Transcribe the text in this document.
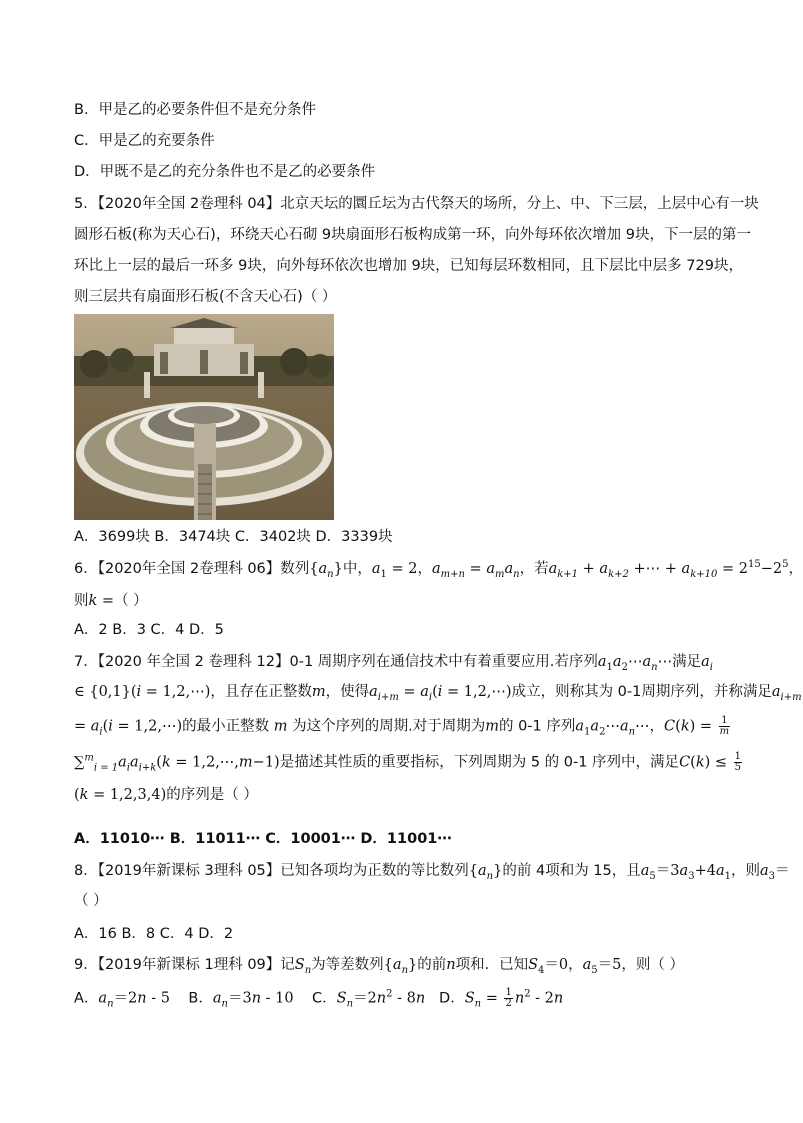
B．甲是乙的必要条件但不是充分条件
C．甲是乙的充要条件
D．甲既不是乙的充分条件也不是乙的必要条件
5．【2020年全国 2卷理科 04】北京天坛的圜丘坛为古代祭天的场所，分上、中、下三层，上层中心有一块
圆形石板(称为天心石)，环绕天心石砌 9块扇面形石板构成第一环，向外每环依次增加 9块，下一层的第一
环比上一层的最后一环多 9块，向外每环依次也增加 9块，已知每层环数相同，且下层比中层多 729块，
则三层共有扇面形石板(不含天心石)（ ）
A．3699块 B．3474块 C．3402块 D．3339块
6．【2020年全国 2卷理科 06】数列$\{a_n\}$中，$a_1 = 2$，$a_{m+n} = a_ma_n$，若$a_{k+1} + a_{k+2}$ +⋯ + $a_{k+10} = 2^{15}-2^5$，
则k =（ ）
A．2 B．3 C．4 D．5
7．【2020 年全国 2 卷理科 12】0-1 周期序列在通信技术中有着重要应用.若序列$a_1a_2\cdots a_n\cdots$满足$a_i$
∈ {0,1}(i = 1,2,⋯)，且存在正整数m，使得$a_{i+m} = a_i(i$ = 1,2,⋯)成立，则称其为 0-1周期序列，并称满足$a_{i+m}$
= $a_i(i$ = 1,2,⋯)的最小正整数 m 为这个序列的周期.对于周期为m的 0-1 序列$a_1a_2\cdots a_n\cdots$，$C(k) = \frac{1}{m}$
$\sum^m_{i = 1}a_ia_{i+k}(k$ = 1,2,⋯,m−1)是描述其性质的重要指标，下列周期为 5 的 0-1 序列中，满足$C(k) \le \frac{1}{5}$
(k = 1,2,3,4)的序列是（ ）
A．11010⋯ B．11011⋯ C．10001⋯ D．11001⋯
8．【2019年新课标 3理科 05】已知各项均为正数的等比数列$\{a_n\}$的前 4项和为 15，且$a_5=3a_3+4a_1$，则$a_3=$
（ ）
A．16 B．8 C．4 D．2
9．【2019年新课标 1理科 09】记$S_n$为等差数列$\{a_n\}$的前n项和．已知$S_4=0$，$a_5=5$，则（ ）
A．$a_n=2n - 5$    B．$a_n=3n - 10$    C．$S_n=2n^2 - 8n$ D．$S_n = \frac{1}{2} n^2 - 2n$
